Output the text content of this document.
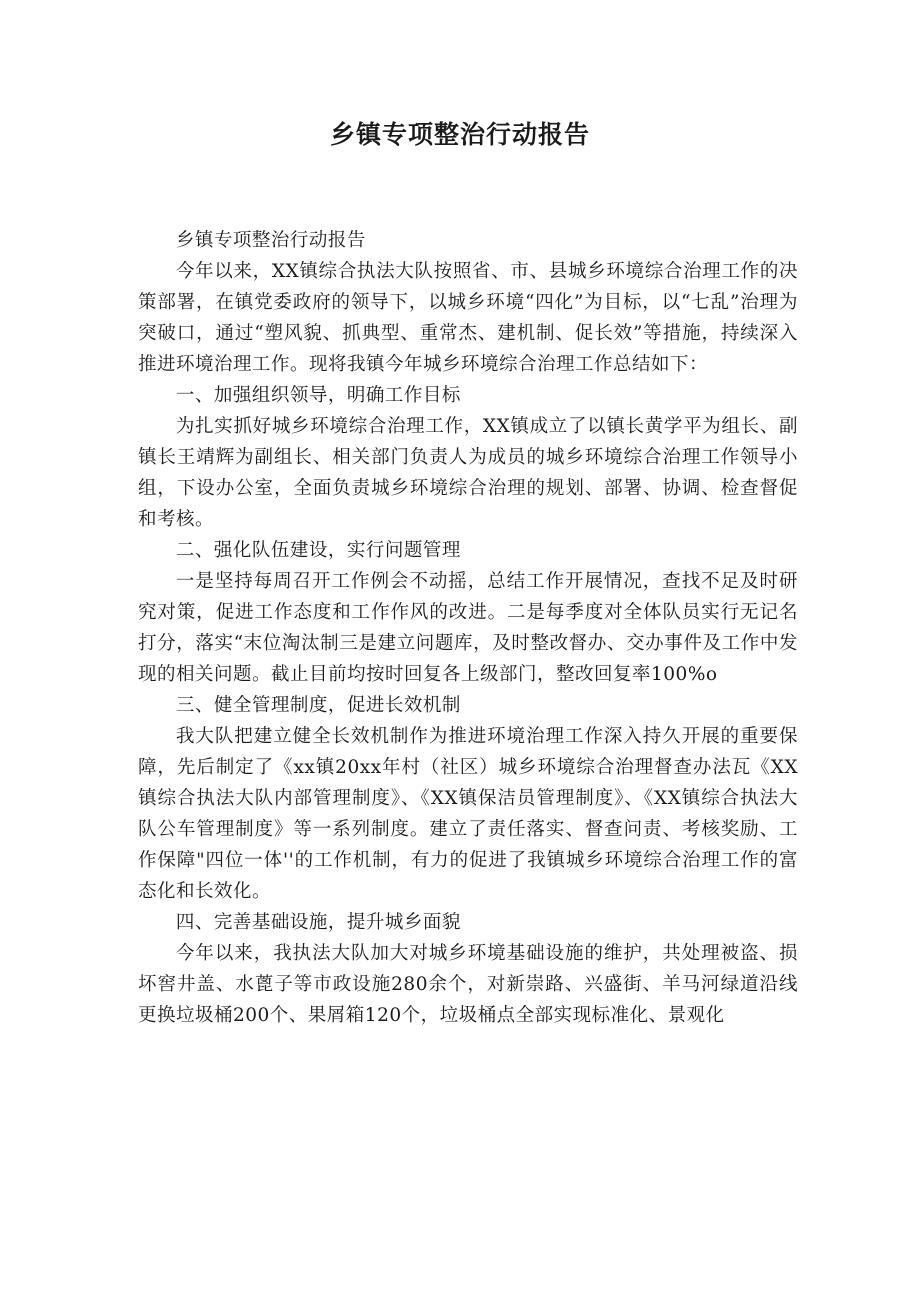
乡镇专项整治行动报告

乡镇专项整治行动报告

今年以来，XX镇综合执法大队按照省、市、县城乡环境综合治理工作的决策部署，在镇党委政府的领导下，以城乡环境“四化”为目标，以“七乱”治理为突破口，通过“塑风貌、抓典型、重常杰、建机制、促长效”等措施，持续深入推进环境治理工作。现将我镇今年城乡环境综合治理工作总结如下：

一、加强组织领导，明确工作目标

为扎实抓好城乡环境综合治理工作，XX镇成立了以镇长黄学平为组长、副镇长王靖辉为副组长、相关部门负责人为成员的城乡环境综合治理工作领导小组，下设办公室，全面负责城乡环境综合治理的规划、部署、协调、检查督促和考核。

二、强化队伍建设，实行问题管理

一是坚持每周召开工作例会不动摇，总结工作开展情况，查找不足及时研究对策，促进工作态度和工作作风的改进。二是每季度对全体队员实行无记名打分，落实“末位淘汰制三是建立问题库，及时整改督办、交办事件及工作中发现的相关问题。截止目前均按时回复各上级部门，整改回复率100%o

三、健全管理制度，促进长效机制

我大队把建立健全长效机制作为推进环境治理工作深入持久开展的重要保障，先后制定了《xx镇20xx年村（社区）城乡环境综合治理督查办法瓦《XX镇综合执法大队内部管理制度》、《XX镇保洁员管理制度》、《XX镇综合执法大队公车管理制度》等一系列制度。建立了责任落实、督查问责、考核奖励、工作保障"四位一体''的工作机制，有力的促进了我镇城乡环境综合治理工作的富态化和长效化。

四、完善基础设施，提升城乡面貌

今年以来，我执法大队加大对城乡环境基础设施的维护，共处理被盗、损坏窖井盖、水蓖子等市政设施280余个，对新崇路、兴盛街、羊马河绿道沿线更换垃圾桶200个、果屑箱120个，垃圾桶点全部实现标准化、景观化
